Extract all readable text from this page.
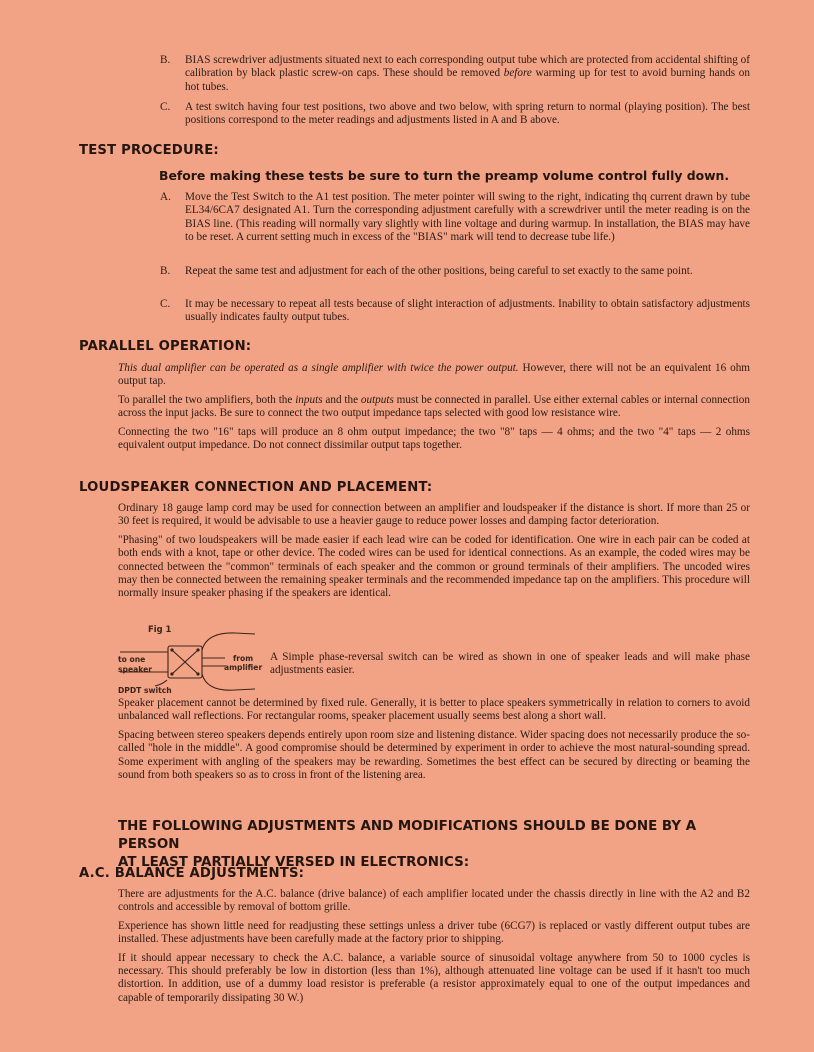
B.	BIAS screwdriver adjustments situated next to each corresponding output tube which are protected from accidental shifting of calibration by black plastic screw-on caps. These should be removed before warming up for test to avoid burning hands on hot tubes.
C.	A test switch having four test positions, two above and two below, with spring return to normal (playing position). The best positions correspond to the meter readings and adjustments listed in A and B above.
TEST PROCEDURE:
Before making these tests be sure to turn the preamp volume control fully down.
A.	Move the Test Switch to the A1 test position. The meter pointer will swing to the right, indicating thq current drawn by tube EL34/6CA7 designated A1. Turn the corresponding adjustment carefully with a screwdriver until the meter reading is on the BIAS line. (This reading will normally vary slightly with line voltage and during warmup. In installation, the BIAS may have to be reset. A current setting much in excess of the "BIAS" mark will tend to decrease tube life.)
B.	Repeat the same test and adjustment for each of the other positions, being careful to set exactly to the same point.
C.	It may be necessary to repeat all tests because of slight interaction of adjustments. Inability to obtain satisfactory adjustments usually indicates faulty output tubes.
PARALLEL OPERATION:

This dual amplifier can be operated as a single amplifier with twice the power output. However, there will not be an equivalent 16 ohm output tap.

To parallel the two amplifiers, both the inputs and the outputs must be connected in parallel. Use either external cables or internal connection across the input jacks. Be sure to connect the two output impedance taps selected with good low resistance wire.

Connecting the two "16" taps will produce an 8 ohm output impedance; the two "8" taps — 4 ohms; and the two "4" taps — 2 ohms equivalent output impedance. Do not connect dissimilar output taps together.

LOUDSPEAKER CONNECTION AND PLACEMENT:

Ordinary 18 gauge lamp cord may be used for connection between an amplifier and loudspeaker if the distance is short. If more than 25 or 30 feet is required, it would be advisable to use a heavier gauge to reduce power losses and damping factor deterioration.

"Phasing" of two loudspeakers will be made easier if each lead wire can be coded for identification. One wire in each pair can be coded at both ends with a knot, tape or other device. The coded wires can be used for identical connections. As an example, the coded wires may be connected between the "common" terminals of each speaker and the common or ground terminals of their amplifiers. The uncoded wires may then be connected between the remaining speaker terminals and the recommended impedance tap on the amplifiers. This procedure will normally insure speaker phasing if the speakers are identical.

Fig 1
to one
speaker
from
amplifier
DPDT switch
A Simple phase-reversal switch can be wired as shown in one of speaker leads and will make phase adjustments easier.

Speaker placement cannot be determined by fixed rule. Generally, it is better to place speakers symmetrically in relation to corners to avoid unbalanced wall reflections. For rectangular rooms, speaker placement usually seems best along a short wall.

Spacing between stereo speakers depends entirely upon room size and listening distance. Wider spacing does not necessarily produce the so-called "hole in the middle". A good compromise should be determined by experiment in order to achieve the most natural-sounding spread. Some experiment with angling of the speakers may be rewarding. Sometimes the best effect can be secured by directing or beaming the sound from both speakers so as to cross in front of the listening area.

THE FOLLOWING ADJUSTMENTS AND MODIFICATIONS SHOULD BE DONE BY A PERSON
AT LEAST PARTIALLY VERSED IN ELECTRONICS:
A.C. BALANCE ADJUSTMENTS:

There are adjustments for the A.C. balance (drive balance) of each amplifier located under the chassis directly in line with the A2 and B2 controls and accessible by removal of bottom grille.

Experience has shown little need for readjusting these settings unless a driver tube (6CG7) is replaced or vastly different output tubes are installed. These adjustments have been carefully made at the factory prior to shipping.

If it should appear necessary to check the A.C. balance, a variable source of sinusoidal voltage anywhere from 50 to 1000 cycles is necessary. This should preferably be low in distortion (less than 1%), although attenuated line voltage can be used if it hasn't too much distortion. In addition, use of a dummy load resistor is preferable (a resistor approximately equal to one of the output impedances and capable of temporarily dissipating 30 W.)
